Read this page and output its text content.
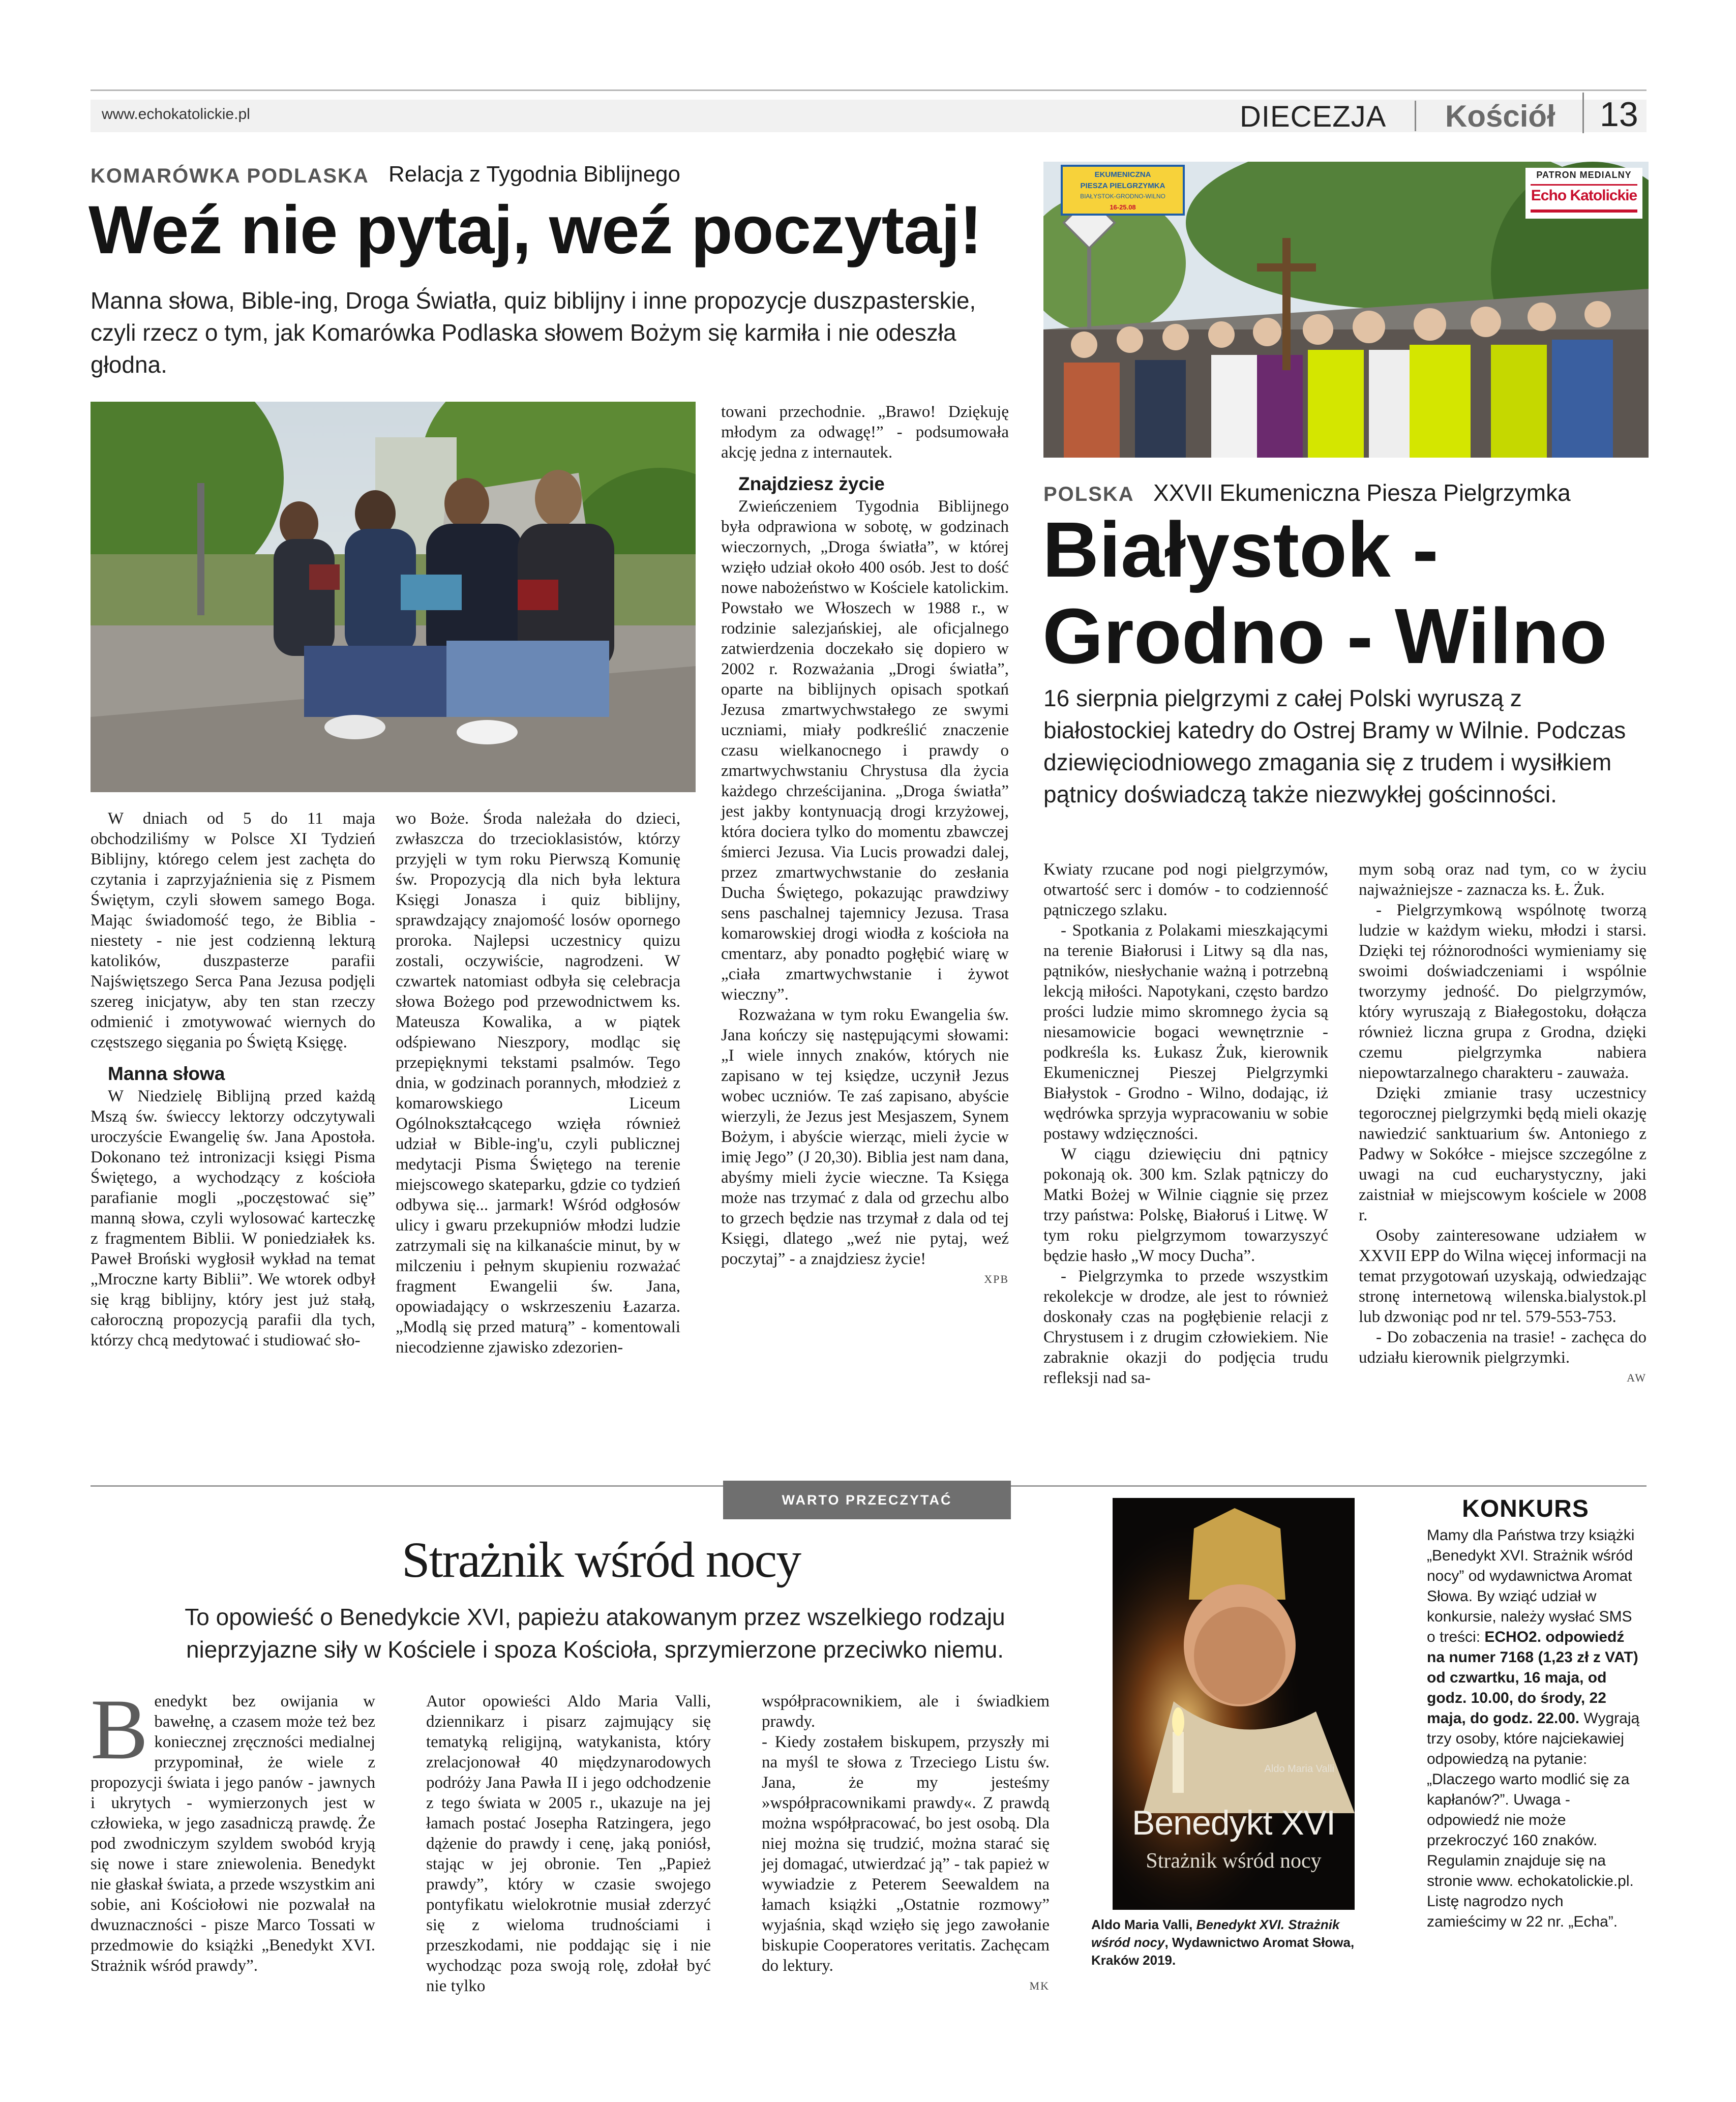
www.echokatolickie.pl	DIECEZJA Kościół 13
KOMARÓWKA PODLASKA Relacja z Tygodnia Biblijnego
Weź nie pytaj, weź poczytaj!
Manna słowa, Bible-ing, Droga Światła, quiz biblijny i inne propozycje duszpasterskie, czyli rzecz o tym, jak Komarówka Podlaska słowem Bożym się karmiła i nie odeszła głodna.

W dniach od 5 do 11 maja obchodziliśmy w Polsce XI Tydzień Biblijny, którego celem jest zachęta do czytania i zaprzyjaźnienia się z Pismem Świętym, czyli słowem samego Boga. Mając świadomość tego, że Biblia - niestety - nie jest codzienną lekturą katolików, duszpasterze parafii Najświętszego Serca Pana Jezusa podjęli szereg inicjatyw, aby ten stan rzeczy odmienić i zmotywować wiernych do częstszego sięgania po Świętą Księgę.

Manna słowa

W Niedzielę Biblijną przed każdą Mszą św. świeccy lektorzy odczytywali uroczyście Ewangelię św. Jana Apostoła. Dokonano też intronizacji księgi Pisma Świętego, a wychodzący z kościoła parafianie mogli „poczęstować się” manną słowa, czyli wylosować karteczkę z fragmentem Biblii. W poniedziałek ks. Paweł Broński wygłosił wykład na temat „Mroczne karty Biblii”. We wtorek odbył się krąg biblijny, który jest już stałą, całoroczną propozycją parafii dla tych, którzy chcą medytować i studiować sło-

wo Boże. Środa należała do dzieci, zwłaszcza do trzecioklasistów, którzy przyjęli w tym roku Pierwszą Komunię św. Propozycją dla nich była lektura Księgi Jonasza i quiz biblijny, sprawdzający znajomość losów opornego proroka. Najlepsi uczestnicy quizu zostali, oczywiście, nagrodzeni. W czwartek natomiast odbyła się celebracja słowa Bożego pod przewodnictwem ks. Mateusza Kowalika, a w piątek odśpiewano Nieszpory, modląc się przepięknymi tekstami psalmów. Tego dnia, w godzinach porannych, młodzież z komarowskiego Liceum Ogólnokształcącego wzięła również udział w Bible-ing'u, czyli publicznej medytacji Pisma Świętego na terenie miejscowego skateparku, gdzie co tydzień odbywa się... jarmark! Wśród odgłosów ulicy i gwaru przekupniów młodzi ludzie zatrzymali się na kilkanaście minut, by w milczeniu i pełnym skupieniu rozważać fragment Ewangelii św. Jana, opowiadający o wskrzeszeniu Łazarza. „Modlą się przed maturą” - komentowali niecodzienne zjawisko zdezorien-

towani przechodnie. „Brawo! Dziękuję młodym za odwagę!” - podsumowała akcję jedna z internautek.

Znajdziesz życie

Zwieńczeniem Tygodnia Biblijnego była odprawiona w sobotę, w godzinach wieczornych, „Droga światła”, w której wzięło udział około 400 osób. Jest to dość nowe nabożeństwo w Kościele katolickim. Powstało we Włoszech w 1988 r., w rodzinie salezjańskiej, ale oficjalnego zatwierdzenia doczekało się dopiero w 2002 r. Rozważania „Drogi światła”, oparte na biblijnych opisach spotkań Jezusa zmartwychwstałego ze swymi uczniami, miały podkreślić znaczenie czasu wielkanocnego i prawdy o zmartwychwstaniu Chrystusa dla życia każdego chrześcijanina. „Droga światła” jest jakby kontynuacją drogi krzyżowej, która dociera tylko do momentu zbawczej śmierci Jezusa. Via Lucis prowadzi dalej, przez zmartwychwstanie do zesłania Ducha Świętego, pokazując prawdziwy sens paschalnej tajemnicy Jezusa. Trasa komarowskiej drogi wiodła z kościoła na cmentarz, aby ponadto pogłębić wiarę w „ciała zmartwychwstanie i żywot wieczny”.

Rozważana w tym roku Ewangelia św. Jana kończy się następującymi słowami: „I wiele innych znaków, których nie zapisano w tej księdze, uczynił Jezus wobec uczniów. Te zaś zapisano, abyście wierzyli, że Jezus jest Mesjaszem, Synem Bożym, i abyście wierząc, mieli życie w imię Jego” (J 20,30). Biblia jest nam dana, abyśmy mieli życie wieczne. Ta Księga może nas trzymać z dala od grzechu albo to grzech będzie nas trzymał z dala od tej Księgi, dlatego „weź nie pytaj, weź poczytaj” - a znajdziesz życie!

XPB
EKUMENICZNA
PIESZA PIELGRZYMKA
BIAŁYSTOK-GRODNO-WILNO
16-25.08
PATRON MEDIALNY
Echo Katolickie
POLSKA XXVII Ekumeniczna Piesza Pielgrzymka
Białystok -
Grodno - Wilno
16 sierpnia pielgrzymi z całej Polski wyruszą z białostockiej katedry do Ostrej Bramy w Wilnie. Podczas dziewięciodniowego zmagania się z trudem i wysiłkiem pątnicy doświadczą także niezwykłej gościnności.

Kwiaty rzucane pod nogi pielgrzymów, otwartość serc i domów - to codzienność pątniczego szlaku.

- Spotkania z Polakami mieszkającymi na terenie Białorusi i Litwy są dla nas, pątników, niesłychanie ważną i potrzebną lekcją miłości. Napotykani, często bardzo prości ludzie mimo skromnego życia są niesamowicie bogaci wewnętrznie - podkreśla ks. Łukasz Żuk, kierownik Ekumenicznej Pieszej Pielgrzymki Białystok - Grodno - Wilno, dodając, iż wędrówka sprzyja wypracowaniu w sobie postawy wdzięczności.

W ciągu dziewięciu dni pątnicy pokonają ok. 300 km. Szlak pątniczy do Matki Bożej w Wilnie ciągnie się przez trzy państwa: Polskę, Białoruś i Litwę. W tym roku pielgrzymom towarzyszyć będzie hasło „W mocy Ducha”.

- Pielgrzymka to przede wszystkim rekolekcje w drodze, ale jest to również doskonały czas na pogłębienie relacji z Chrystusem i z drugim człowiekiem. Nie zabraknie okazji do podjęcia trudu refleksji nad sa-

mym sobą oraz nad tym, co w życiu najważniejsze - zaznacza ks. Ł. Żuk.

- Pielgrzymkową wspólnotę tworzą ludzie w każdym wieku, młodzi i starsi. Dzięki tej różnorodności wymieniamy się swoimi doświadczeniami i wspólnie tworzymy jedność. Do pielgrzymów, który wyruszają z Białegostoku, dołącza również liczna grupa z Grodna, dzięki czemu pielgrzymka nabiera niepowtarzalnego charakteru - zauważa.

Dzięki zmianie trasy uczestnicy tegorocznej pielgrzymki będą mieli okazję nawiedzić sanktuarium św. Antoniego z Padwy w Sokółce - miejsce szczególne z uwagi na cud eucharystyczny, jaki zaistniał w miejscowym kościele w 2008 r.

Osoby zainteresowane udziałem w XXVII EPP do Wilna więcej informacji na temat przygotowań uzyskają, odwiedzając stronę internetową wilenska.bialystok.pl lub dzwoniąc pod nr tel. 579-553-753.

- Do zobaczenia na trasie! - zachęca do udziału kierownik pielgrzymki.

AW
WARTO PRZECZYTAĆ
Strażnik wśród nocy
To opowieść o Benedykcie XVI, papieżu atakowanym przez wszelkiego rodzaju nieprzyjazne siły w Kościele i spoza Kościoła, sprzymierzone przeciwko niemu.
B enedykt bez owijania w bawełnę, a czasem może też bez koniecznej zręczności medialnej przypominał, że wiele z propozycji świata i jego panów - jawnych i ukrytych - wymierzonych jest w człowieka, w jego zasadniczą prawdę. Że pod zwodniczym szyldem swobód kryją się nowe i stare zniewolenia. Benedykt nie głaskał świata, a przede wszystkim ani sobie, ani Kościołowi nie pozwalał na dwuznaczności - pisze Marco Tossati w przedmowie do książki „Benedykt XVI. Strażnik wśród prawdy”.

Autor opowieści Aldo Maria Valli, dziennikarz i pisarz zajmujący się tematyką religijną, watykanista, który zrelacjonował 40 międzynarodowych podróży Jana Pawła II i jego odchodzenie z tego świata w 2005 r., ukazuje na jej łamach postać Josepha Ratzingera, jego dążenie do prawdy i cenę, jaką poniósł, stając w jej obronie. Ten „Papież prawdy”, który w czasie swojego pontyfikatu wielokrotnie musiał zderzyć się z wieloma trudnościami i przeszkodami, nie poddając się i nie wychodząc poza swoją rolę, zdołał być nie tylko

współpracownikiem, ale i świadkiem prawdy.

- Kiedy zostałem biskupem, przyszły mi na myśl te słowa z Trzeciego Listu św. Jana, że my jesteśmy »współpracownikami prawdy«. Z prawdą można współpracować, bo jest osobą. Dla niej można się trudzić, można starać się jej domagać, utwierdzać ją” - tak papież w wywiadzie z Peterem Seewaldem na łamach książki „Ostatnie rozmowy” wyjaśnia, skąd wzięło się jego zawołanie biskupie Cooperatores veritatis. Zachęcam do lektury.

MK
Aldo Maria Valli
Benedykt XVI
Strażnik wśród nocy
Aldo Maria Valli, Benedykt XVI. Strażnik wśród nocy, Wydawnictwo Aromat Słowa, Kraków 2019.
KONKURS
Mamy dla Państwa trzy książki „Benedykt XVI. Strażnik wśród nocy” od wydawnictwa Aromat Słowa. By wziąć udział w konkursie, należy wysłać SMS o treści: ECHO2. odpowiedź na numer 7168 (1,23 zł z VAT) od czwartku, 16 maja, od godz. 10.00, do środy, 22 maja, do godz. 22.00. Wygrają trzy osoby, które najciekawiej odpowiedzą na pytanie: „Dlaczego warto modlić się za kapłanów?”. Uwaga - odpowiedź nie może przekroczyć 160 znaków. Regulamin znajduje się na stronie www. echokatolickie.pl. Listę nagrodzo nych zamieścimy w 22 nr. „Echa”.
